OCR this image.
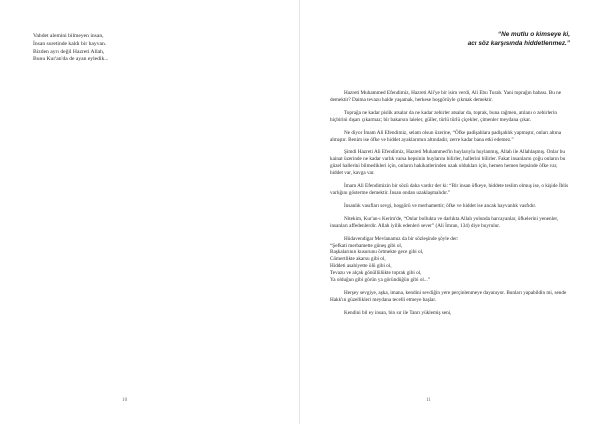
Vahdet alemini bilmeyen insan,
İnsan suretinde kaldı bir hayvan.
Bizden ayrı değil Hazreti Allah,
Bunu Kur'an'da de ayan eyledik...
10
“Ne mutlu o kimseye ki,
acı söz karşısında hiddetlenmez.”

Hazreti Muhammed Efendimiz, Hazreti Ali'ye bir isim verdi, Ali Ebu Turab. Yani toprağın babası. Bu ne demektir? Daima tevazu halde yaşamak, herkese hoşgörüyle çıkmak demektir.

Toprağa ne kadar pislik atsalar da ne kadar zehirler atsalar da, toprak, buna rağmen, atılanı o zehirlerin hiçbirini dışarı çıkarmaz; bir bakarsın laleler, güller, türlü türlü çiçekler, çimenler meydana çıkar.

Ne diyor İmam Ali Efendimiz, selam olsun üzerine, “Öfke padişahlara padişahlık yapmıştır, onları altına almıştır. Benim ise öfke ve hiddet ayaklarımın altındadır, zerre kadar bana etki edemez.”

Şimdi Hazreti Ali Efendimiz, Hazreti Muhammed'in huylarıyla huylanmış, Allah ile Allahlaşmış. Onlar bu kainat üzerinde ne kadar varlık varsa hepsinin huylarını bilirler, hallerini bilirler. Fakat insanların çoğu onların bu güzel hallerini bilmedikleri için, onların hakikatlerinden uzak oldukları için, hemen hemen hepsinde öfke var, hiddet var, kavga var.

İmam Ali Efendimizin bir sözü daha vardır der ki: “Bir insan öfkeye, hiddete teslim olmuş ise, o kişide İblis varlığını gösterme demektir. İnsan ondan uzaklaşmalıdır.”

İnsanlık vasıfları sevgi, hoşgörü ve merhamettir; öfke ve hiddet ise ancak hayvanlık vasfıdır.

Nitekim, Kur'an-ı Kerim'de, “Onlar bollukta ve darlıkta Allah yolunda harcayanlar, öfkelerini yenenler, insanları affedenlerdir. Allah iyilik edenleri sever” (Ali İmran, 134) diye buyrulur.

Hüdavendigar Mevlanamız da bir sözleşinde şöyle der:
“Şefkati merhamette güneş gibi ol,
Başkalarının kusurunu örtmekte gece gibi ol,
Cömertlikte akarsu gibi ol,
Hiddeti asabiyette ölü gibi ol,
Tevazu ve alçak gönüllülükte toprak gibi ol,
Ya olduğun gibi görün ya göründüğün gibi ol...”

Herşey sevgiye, aşka, imana, kendini sevdiğin yere perçinlenmeye dayanıyor. Bunları yapabildin mi, sende Hakk'ın güzellikleri meydana tecelli etmeye başlar.

Kendini bil ey insan, bin sır ile Tanrı yüklemiş seni,

11
